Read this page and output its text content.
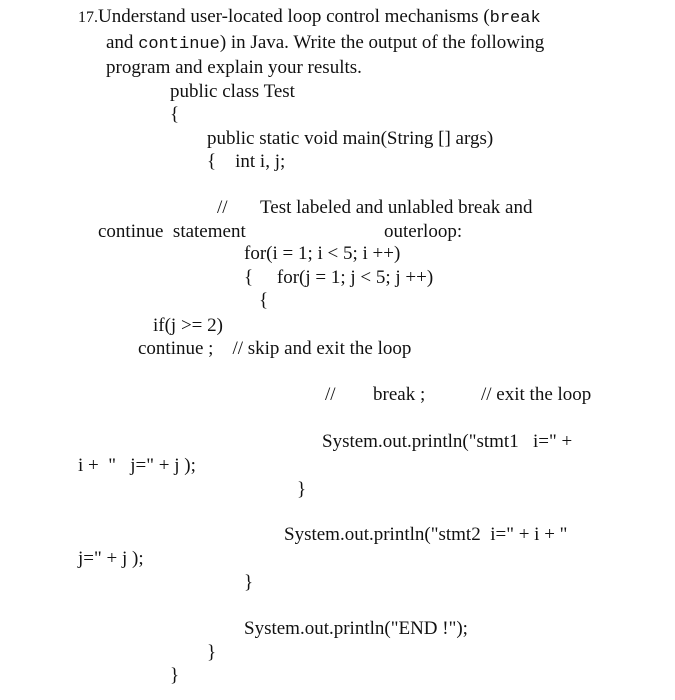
17.Understand user-located loop control mechanisms (break

and continue) in Java. Write the output of the following

program and explain your results.
public class Test
{
public static void main(String [] args)
{    int i, j;
// Test labeled and unlabled break and
continue  statement	outerloop:
for(i = 1; i < 5; i ++)
{     for(j = 1; j < 5; j ++)
{
if(j >= 2)
continue ;    // skip and exit the loop
// break ;	// exit the loop
System.out.println("stmt1   i=" +
i +  "   j=" + j );
}
System.out.println("stmt2  i=" + i + "
j=" + j );
}
System.out.println("END !");
}
}
